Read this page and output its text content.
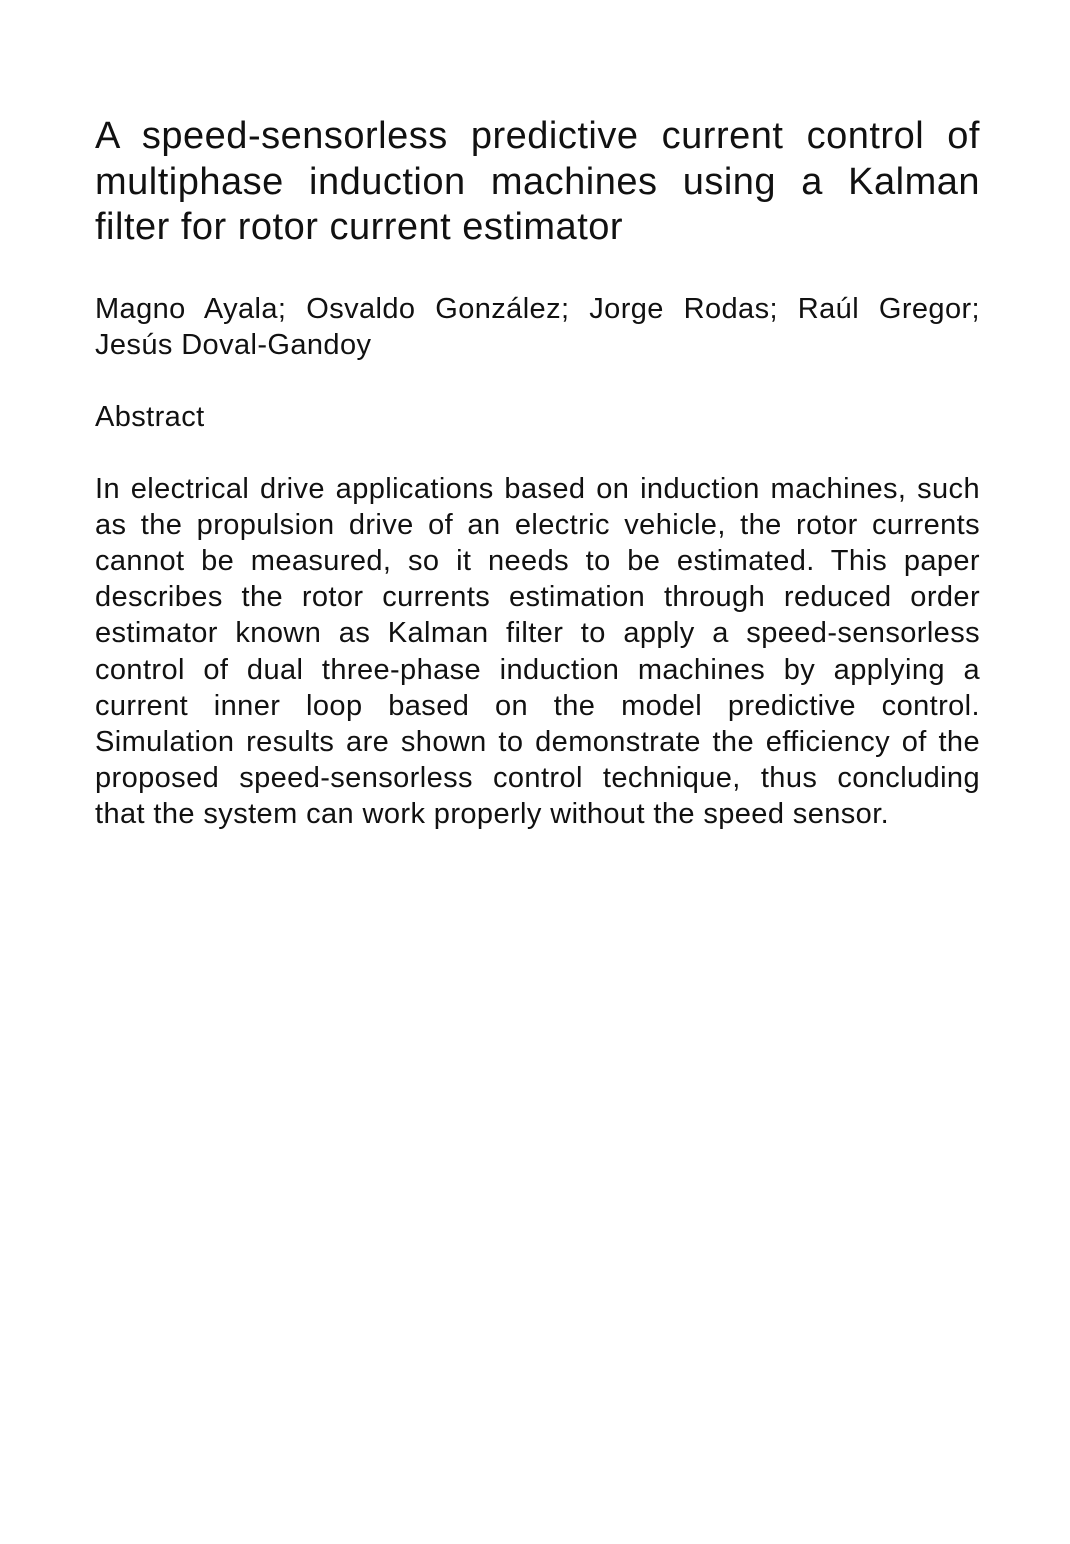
A speed-sensorless predictive current control of multiphase induction machines using a Kalman filter for rotor current estimator

Magno Ayala; Osvaldo González; Jorge Rodas; Raúl Gregor; Jesús Doval-Gandoy

Abstract

In electrical drive applications based on induction machines, such as the propulsion drive of an electric vehicle, the rotor currents cannot be measured, so it needs to be estimated. This paper describes the rotor currents estimation through reduced order estimator known as Kalman filter to apply a speed-sensorless control of dual three-phase induction machines by applying a current inner loop based on the model predictive control. Simulation results are shown to demonstrate the efficiency of the proposed speed-sensorless control technique, thus concluding that the system can work properly without the speed sensor.
